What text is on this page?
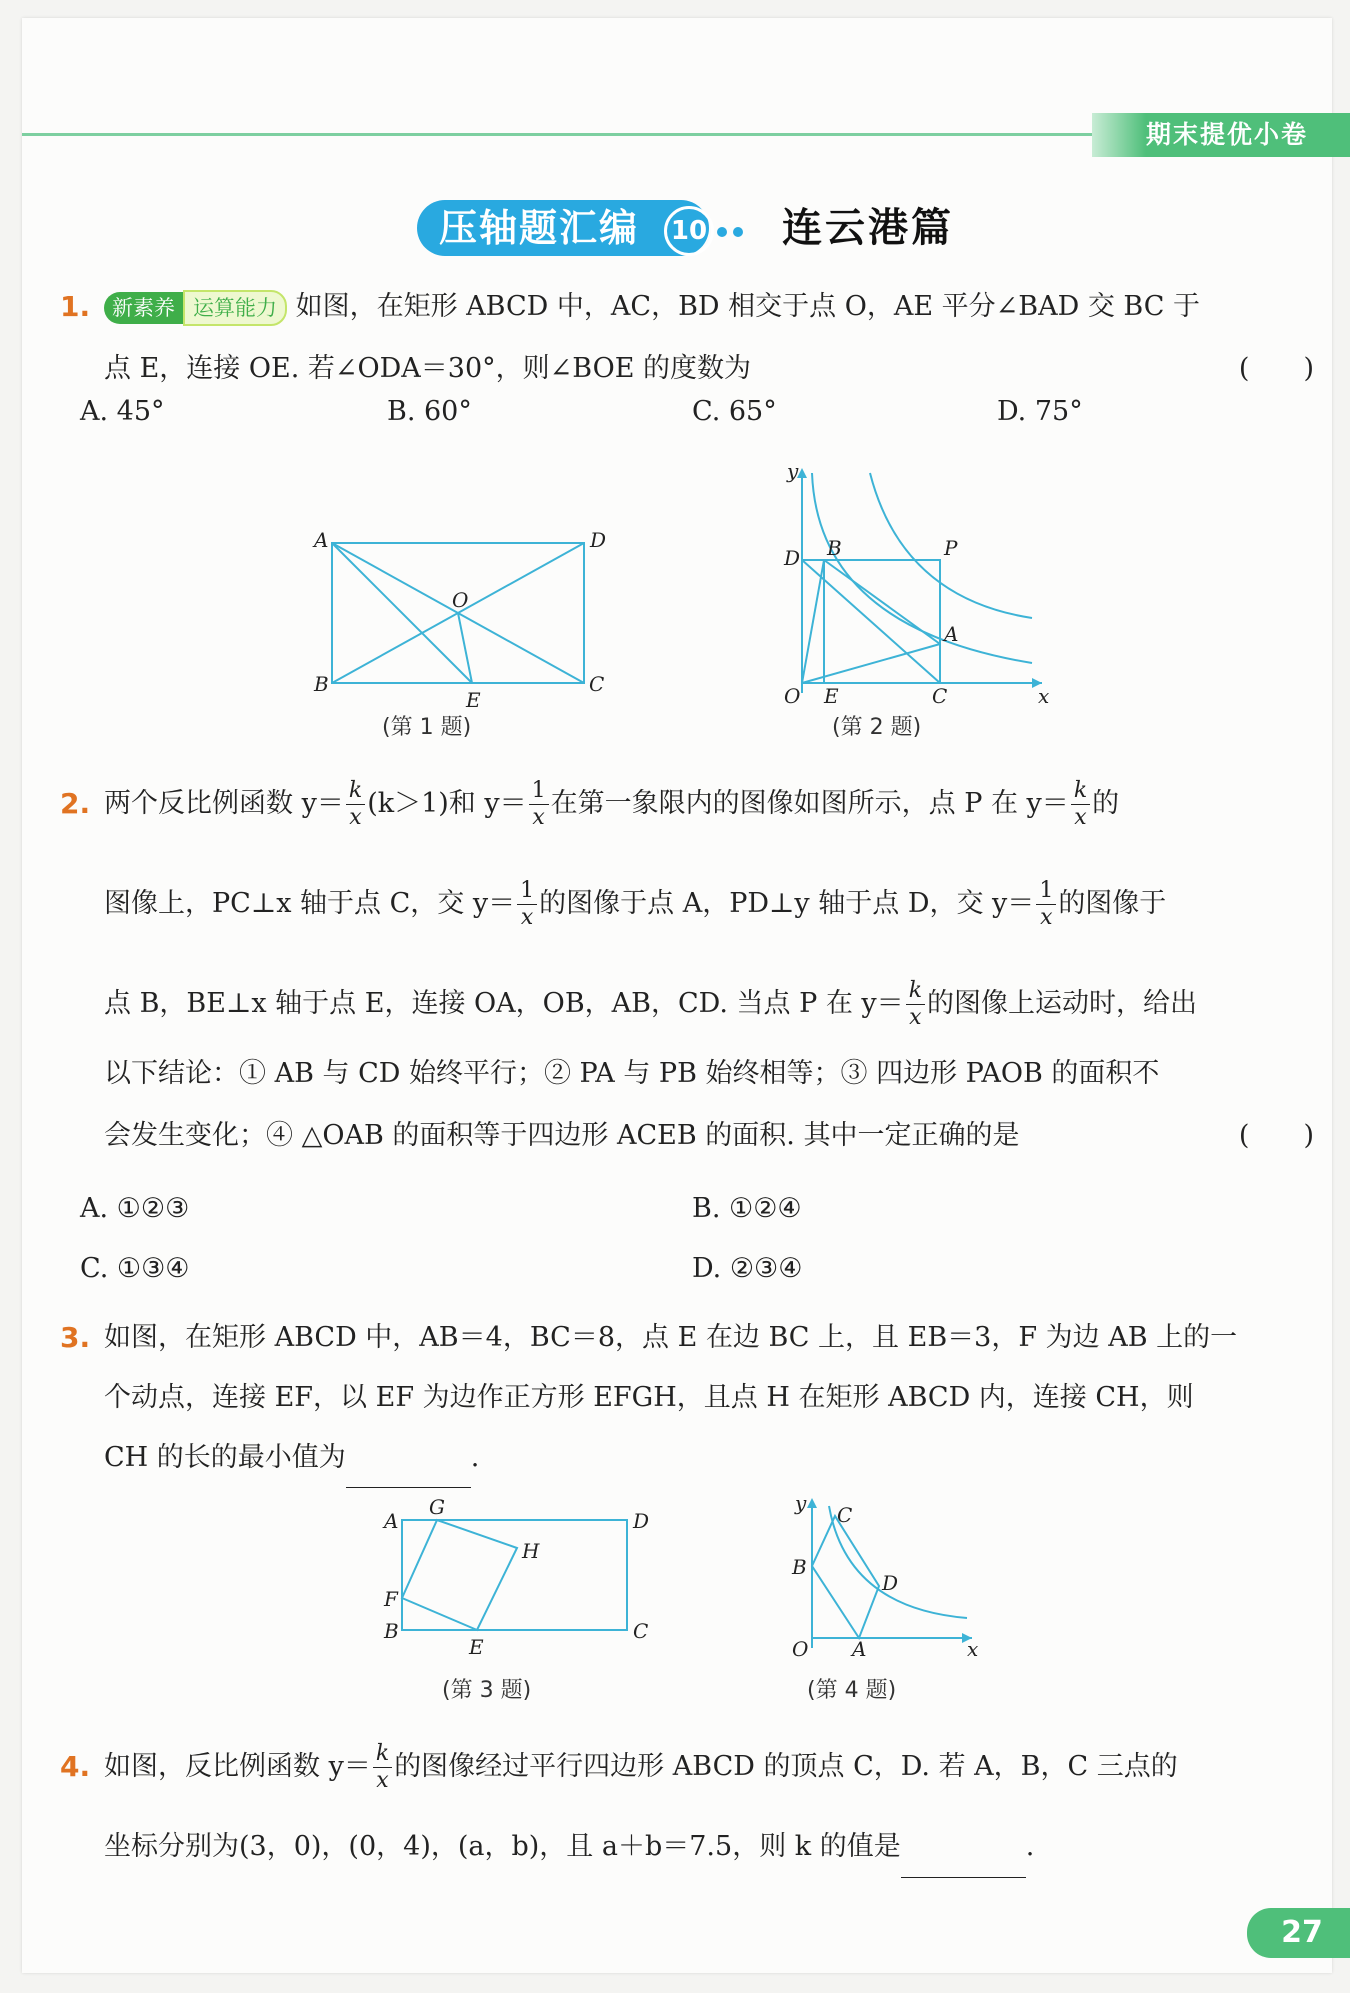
期末提优小卷
压轴题汇编	10 连云港篇
1.	新素养 运算能力 如图，在矩形 ABCD 中，AC，BD 相交于点 O，AE 平分∠BAD 交 BC 于
点 E，连接 OE. 若∠ODA＝30°，则∠BOE 的度数为	(　　)
A. 45°	B. 60°	C. 65°	D. 75°
A	D
B	C
O
E
(第 1 题)
y
x
D B	P
A
O E	C
(第 2 题)
2. 两个反比例函数 $y= \frac{k}{x} (k>1)$和 $y= \frac{1}{x}$ 在第一象限内的图像如图所示，点 P 在 $y= \frac{k}{x}$ 的
图像上，PC⊥x 轴于点 C，交 $y= \frac{1}{x}$ 的图像于点 A，PD⊥y 轴于点 D，交 $y= \frac{1}{x}$ 的图像于
点 B，BE⊥x 轴于点 E，连接 OA，OB，AB，CD. 当点 P 在 $y= \frac{k}{x}$ 的图像上运动时，给出
以下结论：① AB 与 CD 始终平行；② PA 与 PB 始终相等；③ 四边形 PAOB 的面积不
会发生变化；④ △OAB 的面积等于四边形 ACEB 的面积. 其中一定正确的是	(　　)
A. ①②③	B. ①②④
C. ①③④	D. ②③④
3. 如图，在矩形 ABCD 中，AB＝4，BC＝8，点 E 在边 BC 上，且 EB＝3，F 为边 AB 上的一
个动点，连接 EF，以 EF 为边作正方形 EFGH，且点 H 在矩形 ABCD 内，连接 CH，则
CH 的长的最小值为	.
A
G
D
H
F
B
E
C
(第 3 题)
y C
B
D
O A	x
(第 4 题)
4. 如图，反比例函数 $y= \frac{k}{x}$ 的图像经过平行四边形 ABCD 的顶点 C，D. 若 A，B，C 三点的
坐标分别为(3，0)，(0，4)，(a，b)，且 a＋b＝7.5，则 k 的值是	.
27
